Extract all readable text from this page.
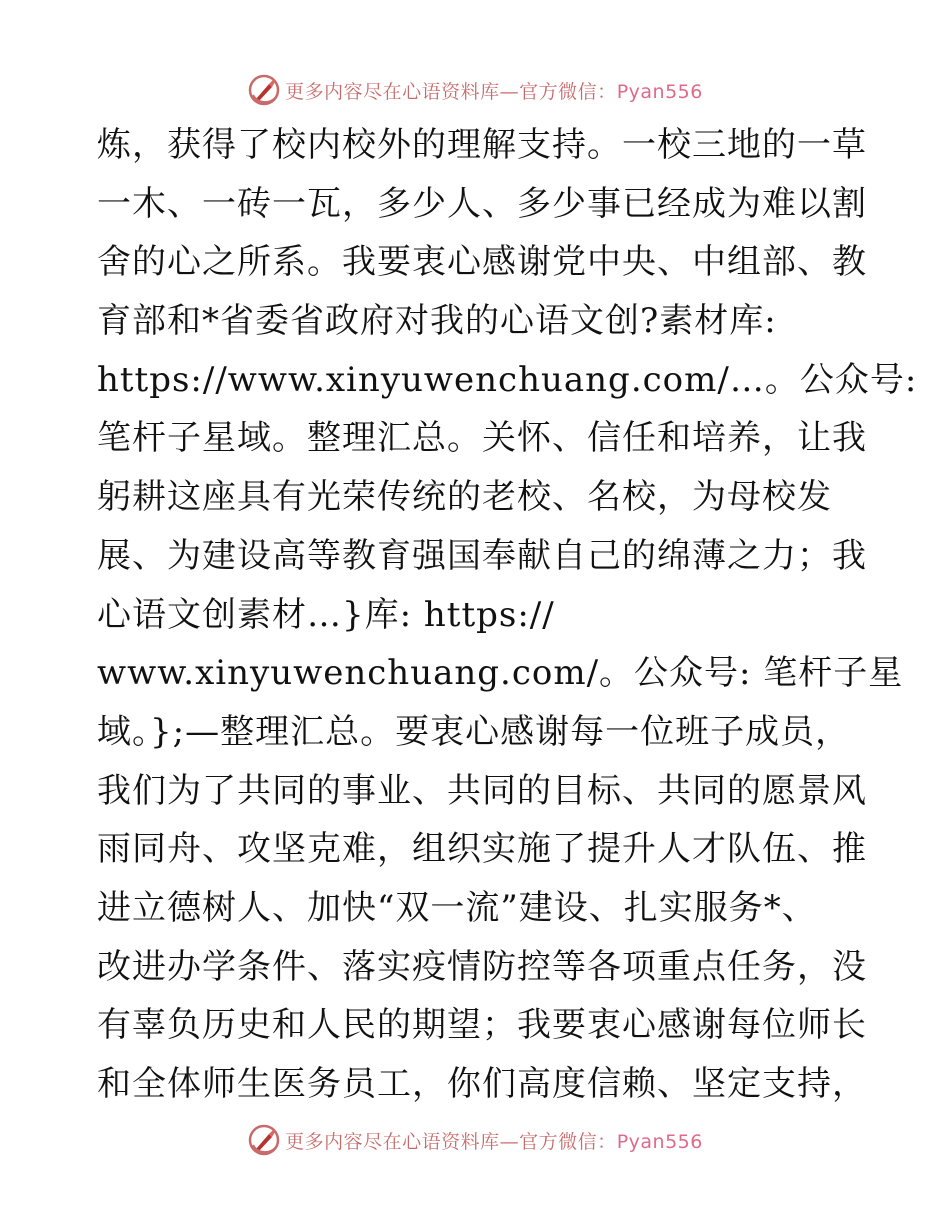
更多内容尽在心语资料库—官方微信：Pyan556
炼，获得了校内校外的理解支持。一校三地的一草
一木、一砖一瓦，多少人、多少事已经成为难以割
舍的心之所系。我要衷心感谢党中央、中组部、教
育部和*省委省政府对我的心语文创?素材库:
https://www.xinyuwenchuang.com/…。公众号:
笔杆子星域。整理汇总。关怀、信任和培养，让我
躬耕这座具有光荣传统的老校、名校，为母校发
展、为建设高等教育强国奉献自己的绵薄之力；我
心语文创素材…}库: https://
www.xinyuwenchuang.com/。公众号: 笔杆子星
域。};—整理汇总。要衷心感谢每一位班子成员，
我们为了共同的事业、共同的目标、共同的愿景风
雨同舟、攻坚克难，组织实施了提升人才队伍、推
进立德树人、加快“双一流”建设、扎实服务*、
改进办学条件、落实疫情防控等各项重点任务，没
有辜负历史和人民的期望；我要衷心感谢每位师长
和全体师生医务员工，你们高度信赖、坚定支持，
更多内容尽在心语资料库—官方微信：Pyan556
